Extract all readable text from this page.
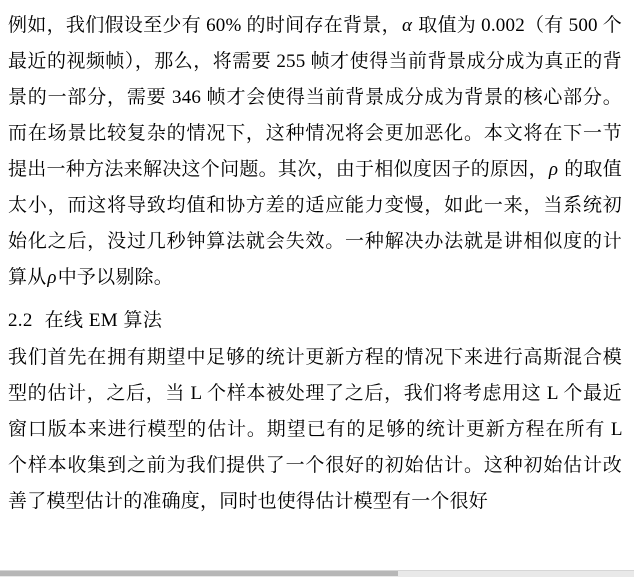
例如，我们假设至少有 60% 的时间存在背景，α 取值为 0.002（有 500 个最近的视频帧），那么，将需要 255 帧才使得当前背景成分成为真正的背景的一部分，需要 346 帧才会使得当前背景成分成为背景的核心部分。而在场景比较复杂的情况下，这种情况将会更加恶化。本文将在下一节提出一种方法来解决这个问题。其次，由于相似度因子的原因，ρ 的取值太小，而这将导致均值和协方差的适应能力变慢，如此一来，当系统初始化之后，没过几秒钟算法就会失效。一种解决办法就是讲相似度的计算从ρ中予以剔除。

2.2 在线 EM 算法

我们首先在拥有期望中足够的统计更新方程的情况下来进行高斯混合模型的估计，之后，当 L 个样本被处理了之后，我们将考虑用这 L 个最近窗口版本来进行模型的估计。期望已有的足够的统计更新方程在所有 L 个样本收集到之前为我们提供了一个很好的初始估计。这种初始估计改善了模型估计的准确度，同时也使得估计模型有一个很好
